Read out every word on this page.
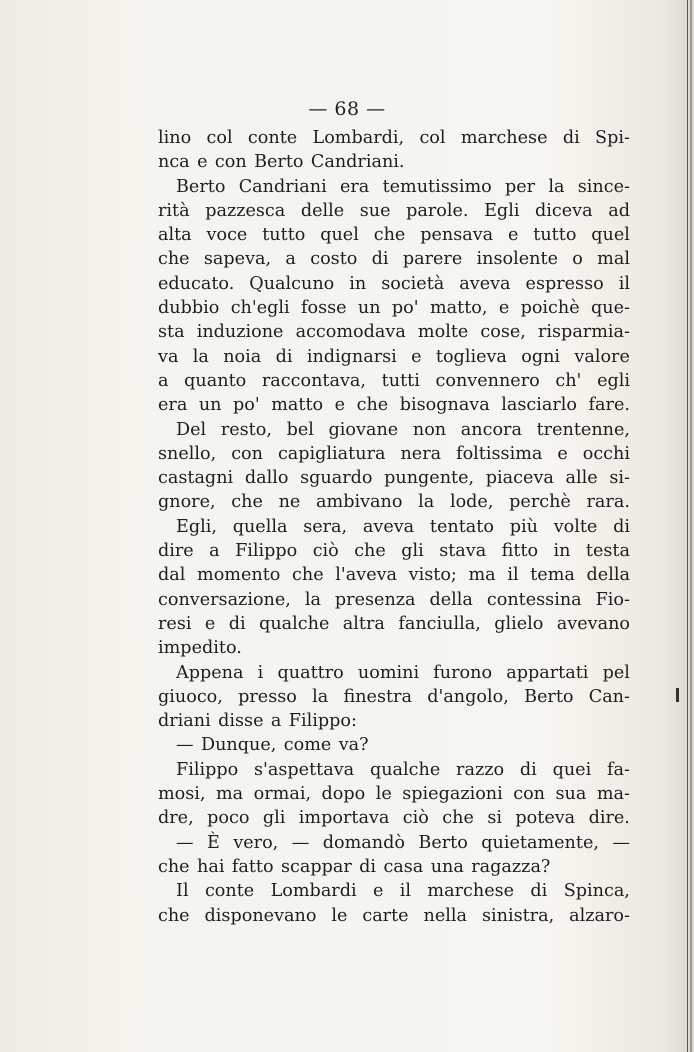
— 68 —
lino col conte Lombardi, col marchese di Spi-
nca e con Berto Candriani.
Berto Candriani era temutissimo per la since-
rità pazzesca delle sue parole. Egli diceva ad
alta voce tutto quel che pensava e tutto quel
che sapeva, a costo di parere insolente o mal
educato. Qualcuno in società aveva espresso il
dubbio ch'egli fosse un po' matto, e poichè que-
sta induzione accomodava molte cose, risparmia-
va la noia di indignarsi e toglieva ogni valore
a quanto raccontava, tutti convennero ch' egli
era un po' matto e che bisognava lasciarlo fare.
Del resto, bel giovane non ancora trentenne,
snello, con capigliatura nera foltissima e occhi
castagni dallo sguardo pungente, piaceva alle si-
gnore, che ne ambivano la lode, perchè rara.
Egli, quella sera, aveva tentato più volte di
dire a Filippo ciò che gli stava fitto in testa
dal momento che l'aveva visto; ma il tema della
conversazione, la presenza della contessina Fio-
resi e di qualche altra fanciulla, glielo avevano
impedito.
Appena i quattro uomini furono appartati pel
giuoco, presso la finestra d'angolo, Berto Can-
driani disse a Filippo:
— Dunque, come va?
Filippo s'aspettava qualche razzo di quei fa-
mosi, ma ormai, dopo le spiegazioni con sua ma-
dre, poco gli importava ciò che si poteva dire.
— È vero, — domandò Berto quietamente, —
che hai fatto scappar di casa una ragazza?
Il conte Lombardi e il marchese di Spinca,
che disponevano le carte nella sinistra, alzaro-
